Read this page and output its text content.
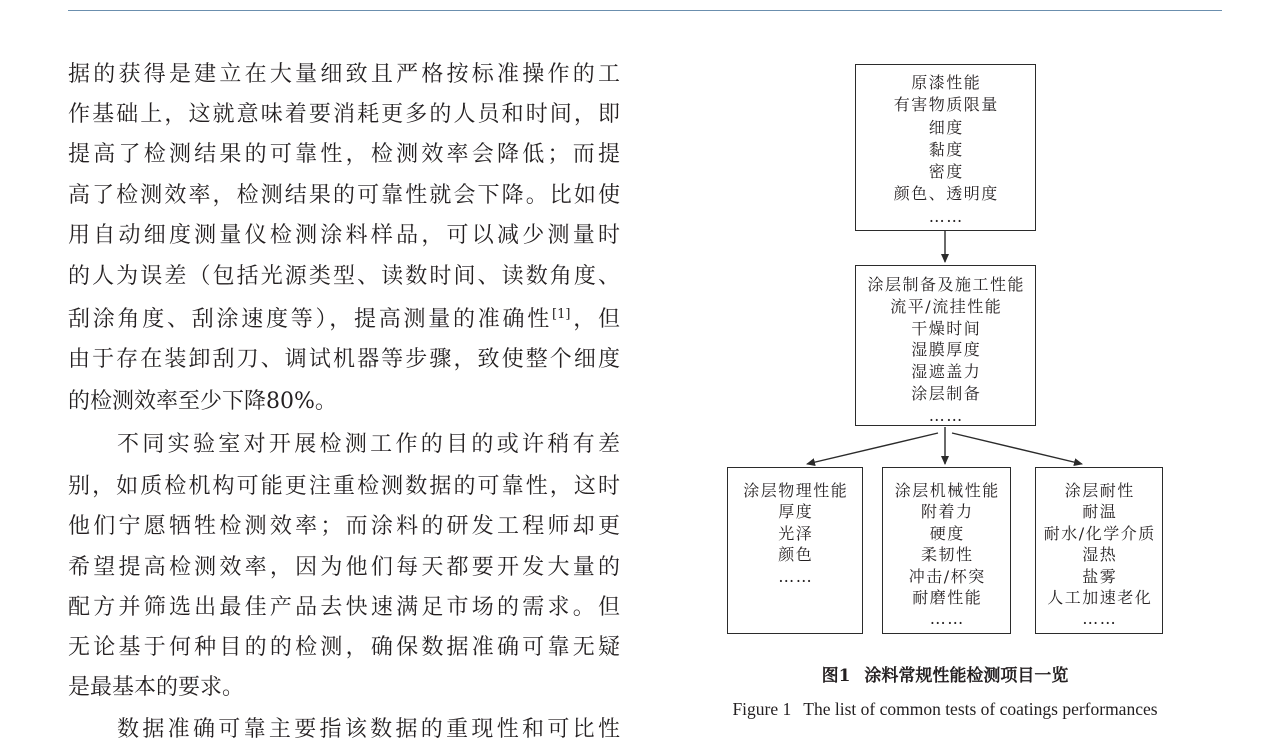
据的获得是建立在大量细致且严格按标准操作的工
作基础上，这就意味着要消耗更多的人员和时间，即
提高了检测结果的可靠性，检测效率会降低；而提
高了检测效率，检测结果的可靠性就会下降。比如使
用自动细度测量仪检测涂料样品，可以减少测量时
的人为误差（包括光源类型、读数时间、读数角度、
刮涂角度、刮涂速度等），提高测量的准确性[1]，但
由于存在装卸刮刀、调试机器等步骤，致使整个细度
的检测效率至少下降80%。
不同实验室对开展检测工作的目的或许稍有差
别，如质检机构可能更注重检测数据的可靠性，这时
他们宁愿牺牲检测效率；而涂料的研发工程师却更
希望提高检测效率，因为他们每天都要开发大量的
配方并筛选出最佳产品去快速满足市场的需求。但
无论基于何种目的的检测，确保数据准确可靠无疑
是最基本的要求。
数据准确可靠主要指该数据的重现性和可比性
原漆性能
有害物质限量
细度
黏度
密度
颜色、透明度
……
涂层制备及施工性能
流平/流挂性能
干燥时间
湿膜厚度
湿遮盖力
涂层制备
……
涂层物理性能
厚度
光泽
颜色
……
涂层机械性能
附着力
硬度
柔韧性
冲击/杯突
耐磨性能
……
涂层耐性
耐温
耐水/化学介质
湿热
盐雾
人工加速老化
……
图1 涂料常规性能检测项目一览
Figure 1 The list of common tests of coatings performances
